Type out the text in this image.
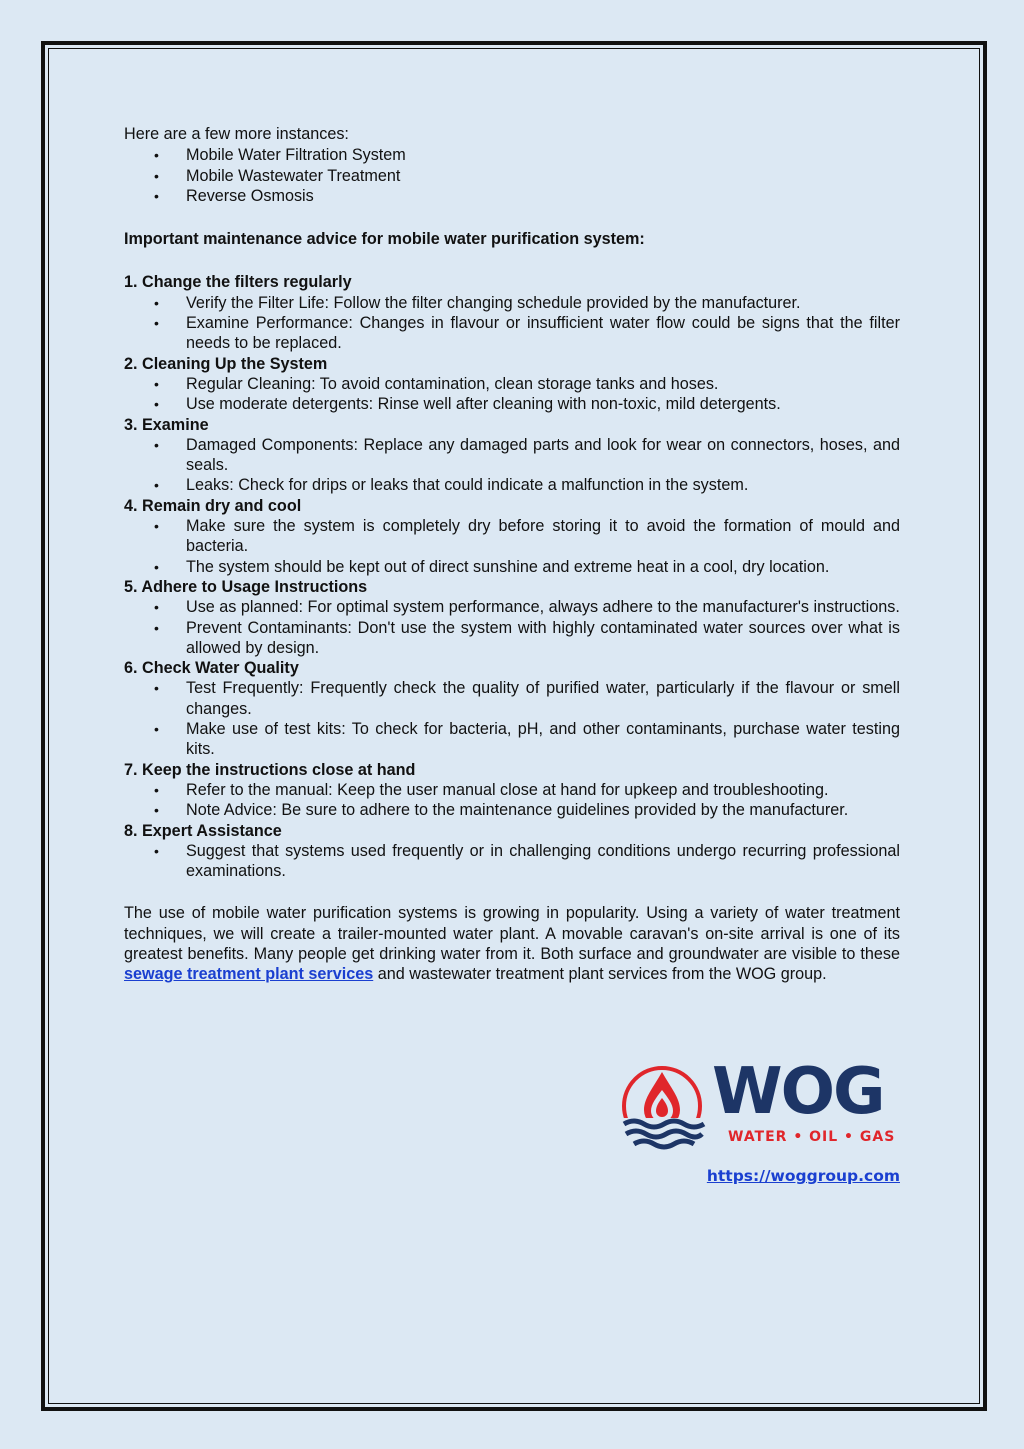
Here are a few more instances:

• Mobile Water Filtration System
• Mobile Wastewater Treatment
• Reverse Osmosis

Important maintenance advice for mobile water purification system:

1. Change the filters regularly

• Verify the Filter Life: Follow the filter changing schedule provided by the manufacturer.
• Examine Performance: Changes in flavour or insufficient water flow could be signs that the filter needs to be replaced.

2. Cleaning Up the System

• Regular Cleaning: To avoid contamination, clean storage tanks and hoses.
• Use moderate detergents: Rinse well after cleaning with non-toxic, mild detergents.

3. Examine

• Damaged Components: Replace any damaged parts and look for wear on connectors, hoses, and seals.
• Leaks: Check for drips or leaks that could indicate a malfunction in the system.

4. Remain dry and cool

• Make sure the system is completely dry before storing it to avoid the formation of mould and bacteria.
• The system should be kept out of direct sunshine and extreme heat in a cool, dry location.

5. Adhere to Usage Instructions

• Use as planned: For optimal system performance, always adhere to the manufacturer's instructions.
• Prevent Contaminants: Don't use the system with highly contaminated water sources over what is allowed by design.

6. Check Water Quality

• Test Frequently: Frequently check the quality of purified water, particularly if the flavour or smell changes.
• Make use of test kits: To check for bacteria, pH, and other contaminants, purchase water testing kits.

7. Keep the instructions close at hand

• Refer to the manual: Keep the user manual close at hand for upkeep and troubleshooting.
• Note Advice: Be sure to adhere to the maintenance guidelines provided by the manufacturer.

8. Expert Assistance

• Suggest that systems used frequently or in challenging conditions undergo recurring professional examinations.

The use of mobile water purification systems is growing in popularity. Using a variety of water treatment techniques, we will create a trailer-mounted water plant. A movable caravan's on-site arrival is one of its greatest benefits. Many people get drinking water from it. Both surface and groundwater are visible to these sewage treatment plant services and wastewater treatment plant services from the WOG group.

WOG
WATER • OIL • GAS
https://woggroup.com
